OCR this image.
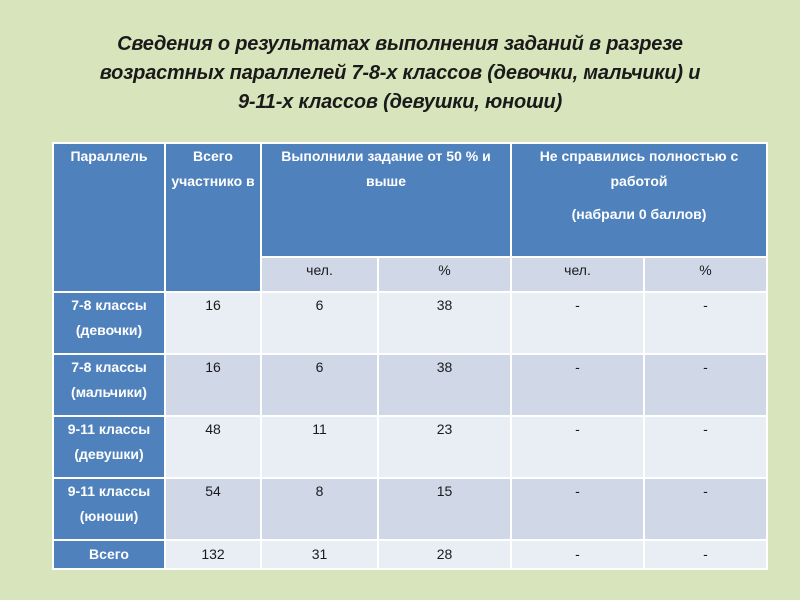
Сведения о результатах выполнения заданий в разрезе
возрастных параллелей 7-8-х классов (девочки, мальчики) и
9-11-х классов (девушки, юноши)
Параллель	Всего участнико в	Выполнили задание от 50 % и выше		Не справились полностью с работой
(набрали 0 баллов)	

		чел.	%	чел.	%
7-8 классы (девочки)	16	6	38	-	-
7-8 классы (мальчики)	16	6	38	-	-
9-11 классы (девушки)	48	11	23	-	-
9-11 классы (юноши)	54	8	15	-	-
Всего	132	31	28	-	-
